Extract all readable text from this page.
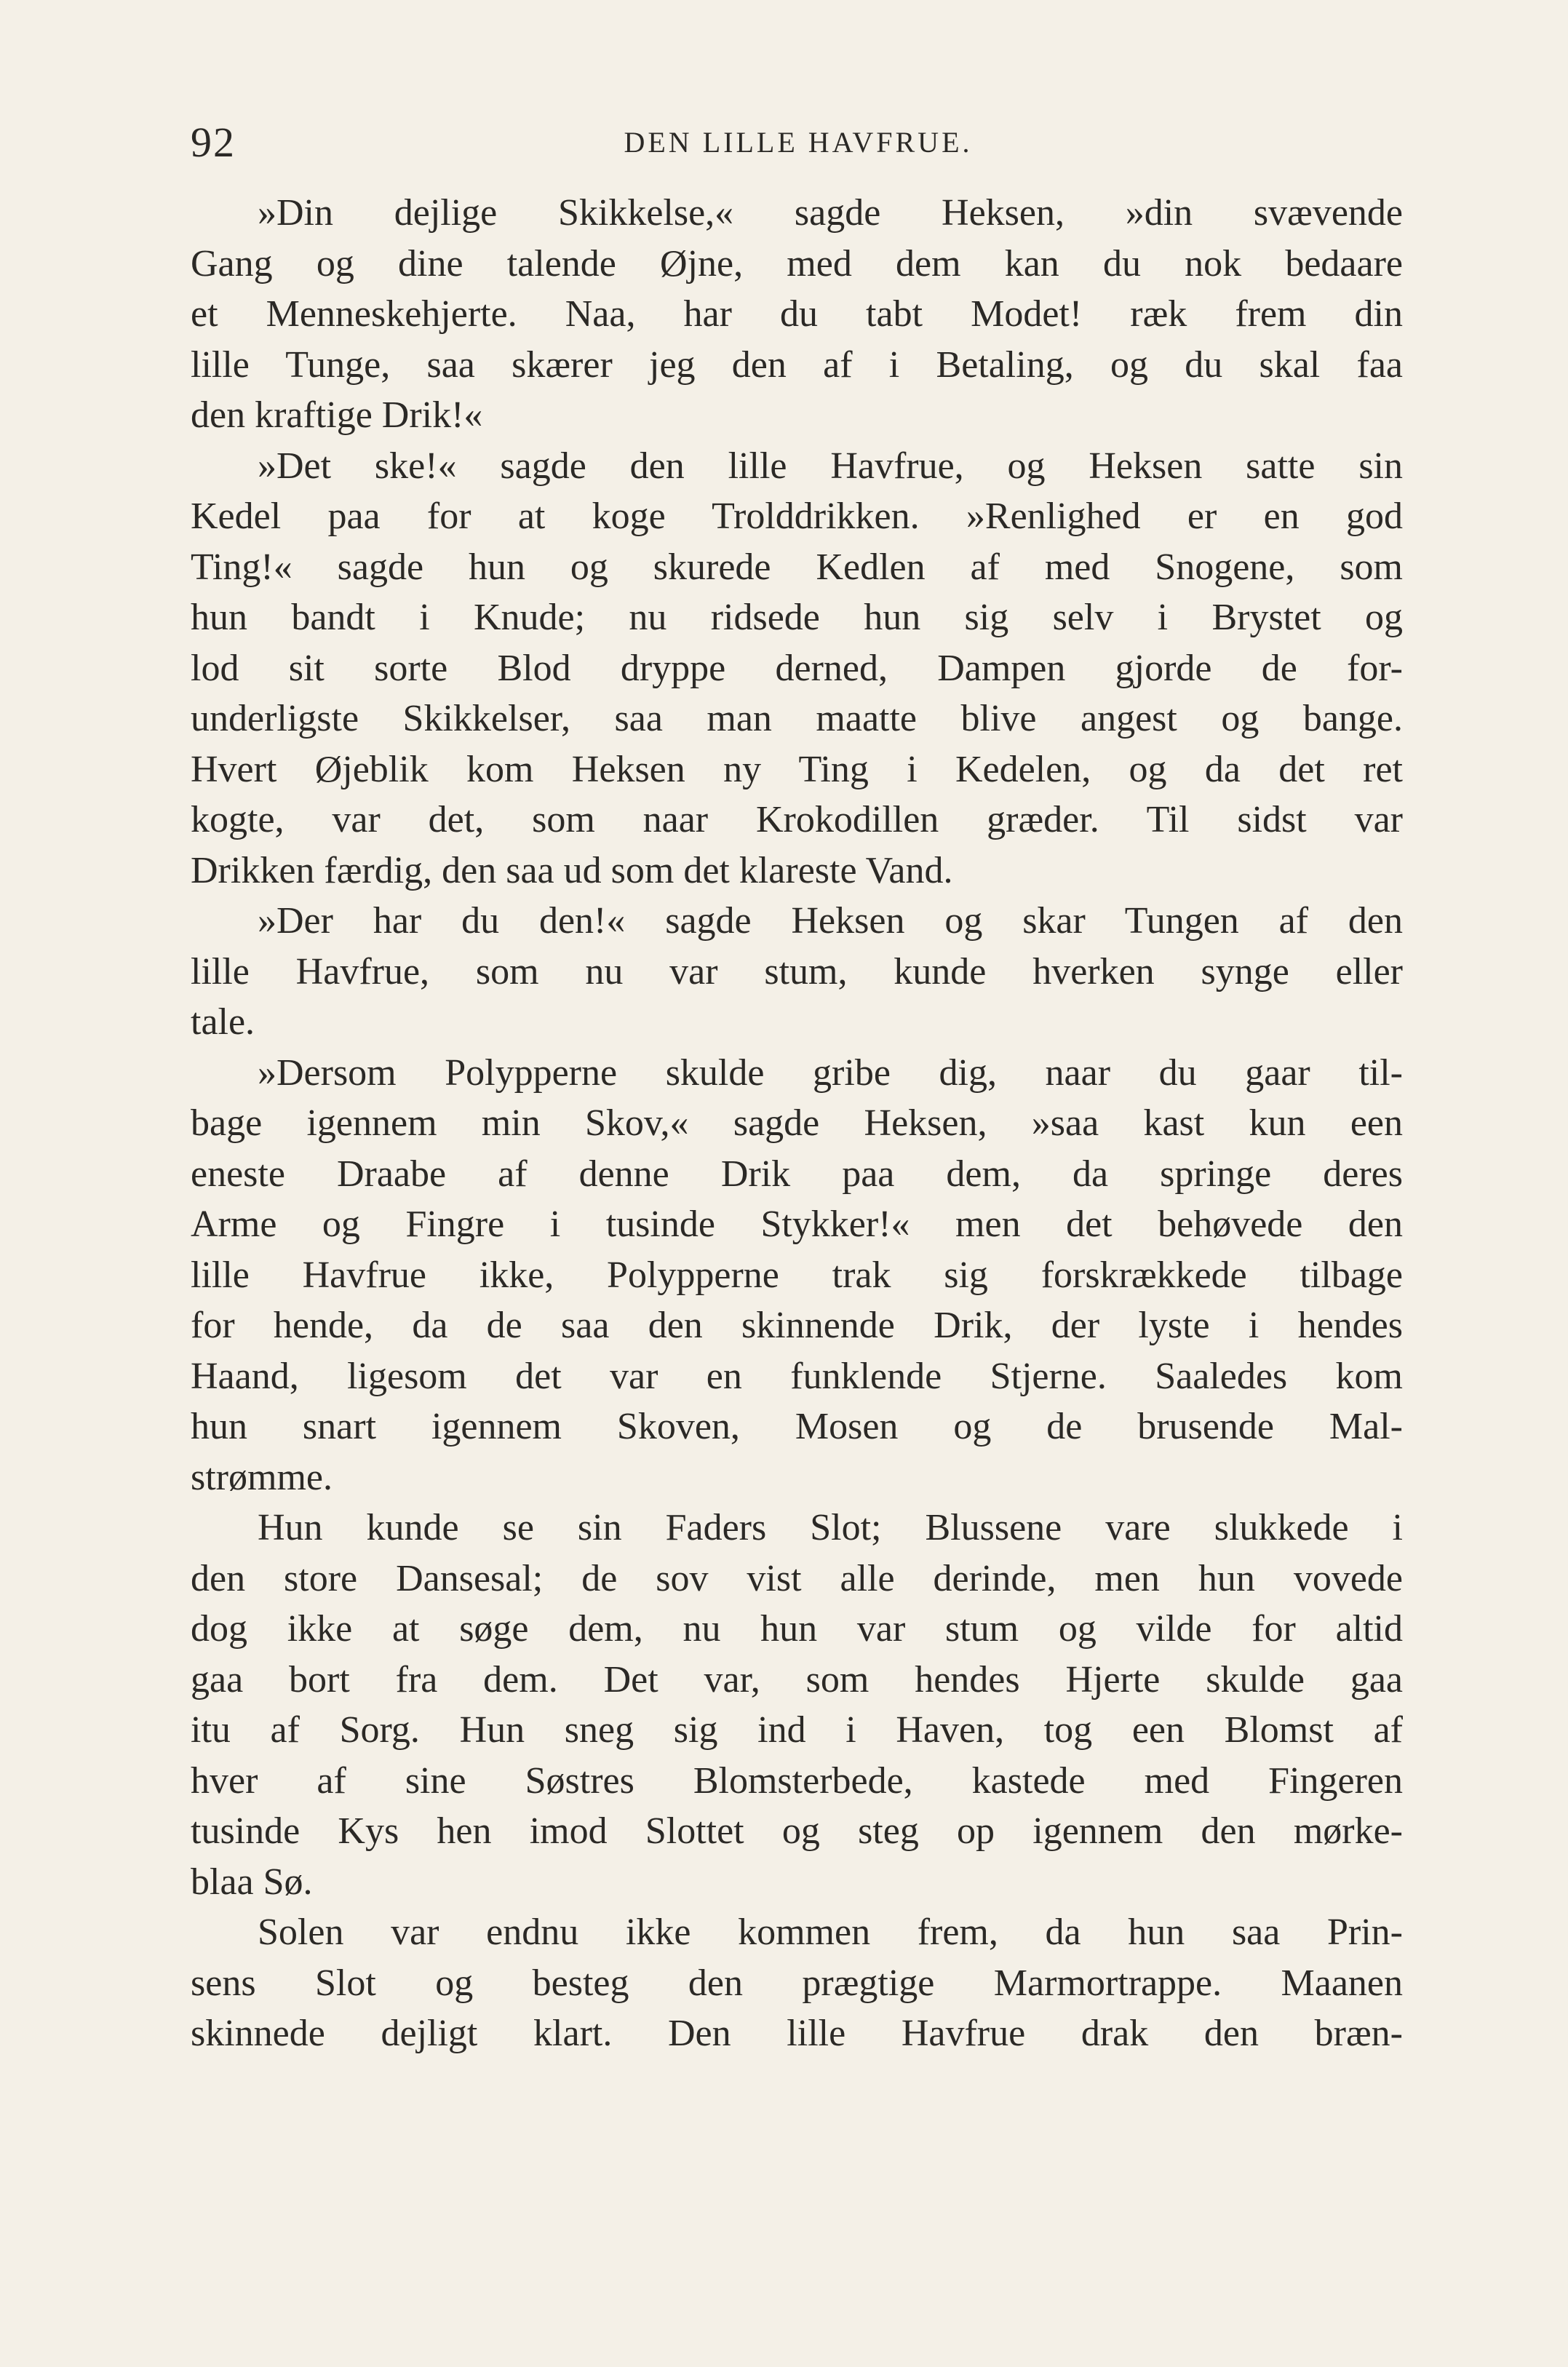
92	DEN LILLE HAVFRUE.
»Din dejlige Skikkelse,« sagde Heksen, »din svævende
Gang og dine talende Øjne, med dem kan du nok bedaare
et Menneskehjerte. Naa, har du tabt Modet! ræk frem din
lille Tunge, saa skærer jeg den af i Betaling, og du skal faa
den kraftige Drik!«
»Det ske!« sagde den lille Havfrue, og Heksen satte sin
Kedel paa for at koge Trolddrikken. »Renlighed er en god
Ting!« sagde hun og skurede Kedlen af med Snogene, som
hun bandt i Knude; nu ridsede hun sig selv i Brystet og
lod sit sorte Blod dryppe derned, Dampen gjorde de for-
underligste Skikkelser, saa man maatte blive angest og bange.
Hvert Øjeblik kom Heksen ny Ting i Kedelen, og da det ret
kogte, var det, som naar Krokodillen græder. Til sidst var
Drikken færdig, den saa ud som det klareste Vand.
»Der har du den!« sagde Heksen og skar Tungen af den
lille Havfrue, som nu var stum, kunde hverken synge eller
tale.
»Dersom Polypperne skulde gribe dig, naar du gaar til-
bage igennem min Skov,« sagde Heksen, »saa kast kun een
eneste Draabe af denne Drik paa dem, da springe deres
Arme og Fingre i tusinde Stykker!« men det behøvede den
lille Havfrue ikke, Polypperne trak sig forskrækkede tilbage
for hende, da de saa den skinnende Drik, der lyste i hendes
Haand, ligesom det var en funklende Stjerne. Saaledes kom
hun snart igennem Skoven, Mosen og de brusende Mal-
strømme.
Hun kunde se sin Faders Slot; Blussene vare slukkede i
den store Dansesal; de sov vist alle derinde, men hun vovede
dog ikke at søge dem, nu hun var stum og vilde for altid
gaa bort fra dem. Det var, som hendes Hjerte skulde gaa
itu af Sorg. Hun sneg sig ind i Haven, tog een Blomst af
hver af sine Søstres Blomsterbede, kastede med Fingeren
tusinde Kys hen imod Slottet og steg op igennem den mørke-
blaa Sø.
Solen var endnu ikke kommen frem, da hun saa Prin-
sens Slot og besteg den prægtige Marmortrappe. Maanen
skinnede dejligt klart. Den lille Havfrue drak den bræn-
